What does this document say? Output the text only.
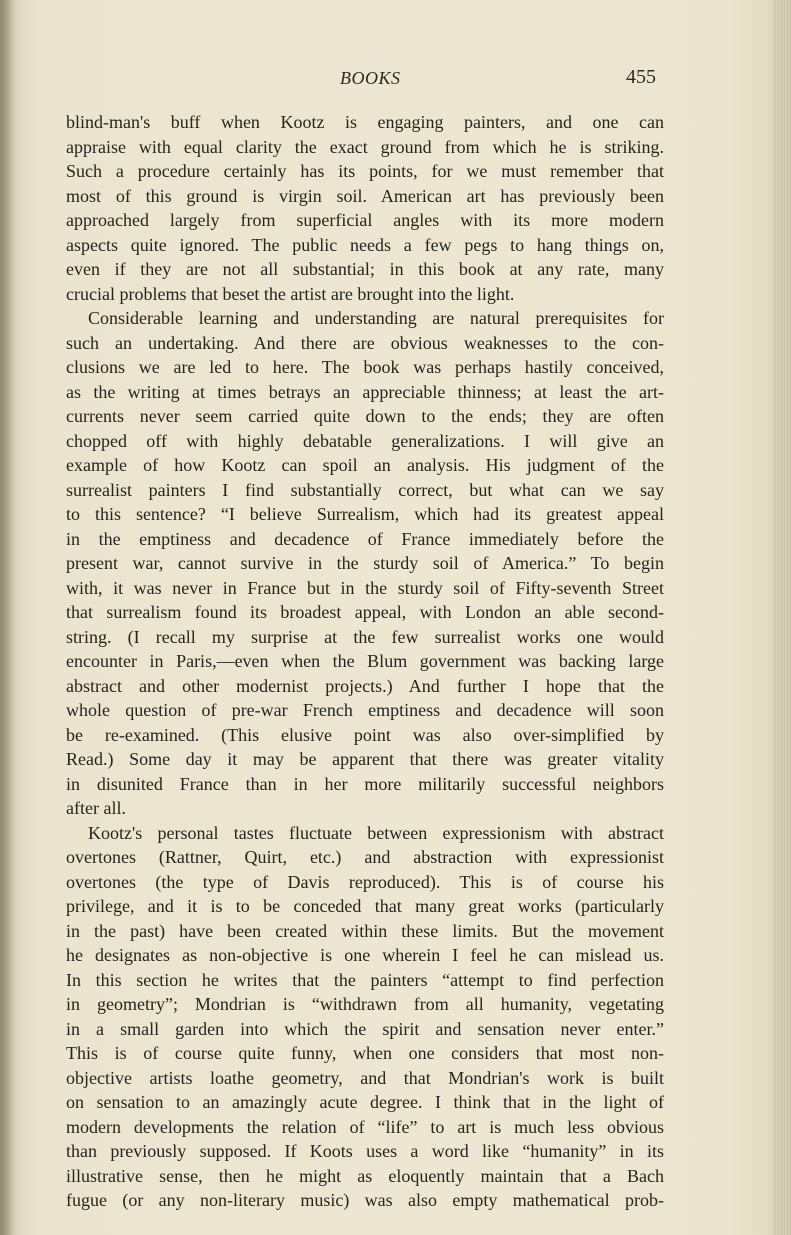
BOOKS	455
blind-man's buff when Kootz is engaging painters, and one can
appraise with equal clarity the exact ground from which he is striking.
Such a procedure certainly has its points, for we must remember that
most of this ground is virgin soil. American art has previously been
approached largely from superficial angles with its more modern
aspects quite ignored. The public needs a few pegs to hang things on,
even if they are not all substantial; in this book at any rate, many
crucial problems that beset the artist are brought into the light.
Considerable learning and understanding are natural prerequisites for
such an undertaking. And there are obvious weaknesses to the con-
clusions we are led to here. The book was perhaps hastily conceived,
as the writing at times betrays an appreciable thinness; at least the art-
currents never seem carried quite down to the ends; they are often
chopped off with highly debatable generalizations. I will give an
example of how Kootz can spoil an analysis. His judgment of the
surrealist painters I find substantially correct, but what can we say
to this sentence? “I believe Surrealism, which had its greatest appeal
in the emptiness and decadence of France immediately before the
present war, cannot survive in the sturdy soil of America.” To begin
with, it was never in France but in the sturdy soil of Fifty-seventh Street
that surrealism found its broadest appeal, with London an able second-
string. (I recall my surprise at the few surrealist works one would
encounter in Paris,—even when the Blum government was backing large
abstract and other modernist projects.) And further I hope that the
whole question of pre-war French emptiness and decadence will soon
be re-examined. (This elusive point was also over-simplified by
Read.) Some day it may be apparent that there was greater vitality
in disunited France than in her more militarily successful neighbors
after all.
Kootz's personal tastes fluctuate between expressionism with abstract
overtones (Rattner, Quirt, etc.) and abstraction with expressionist
overtones (the type of Davis reproduced). This is of course his
privilege, and it is to be conceded that many great works (particularly
in the past) have been created within these limits. But the movement
he designates as non-objective is one wherein I feel he can mislead us.
In this section he writes that the painters “attempt to find perfection
in geometry”; Mondrian is “withdrawn from all humanity, vegetating
in a small garden into which the spirit and sensation never enter.”
This is of course quite funny, when one considers that most non-
objective artists loathe geometry, and that Mondrian's work is built
on sensation to an amazingly acute degree. I think that in the light of
modern developments the relation of “life” to art is much less obvious
than previously supposed. If Koots uses a word like “humanity” in its
illustrative sense, then he might as eloquently maintain that a Bach
fugue (or any non-literary music) was also empty mathematical prob-
